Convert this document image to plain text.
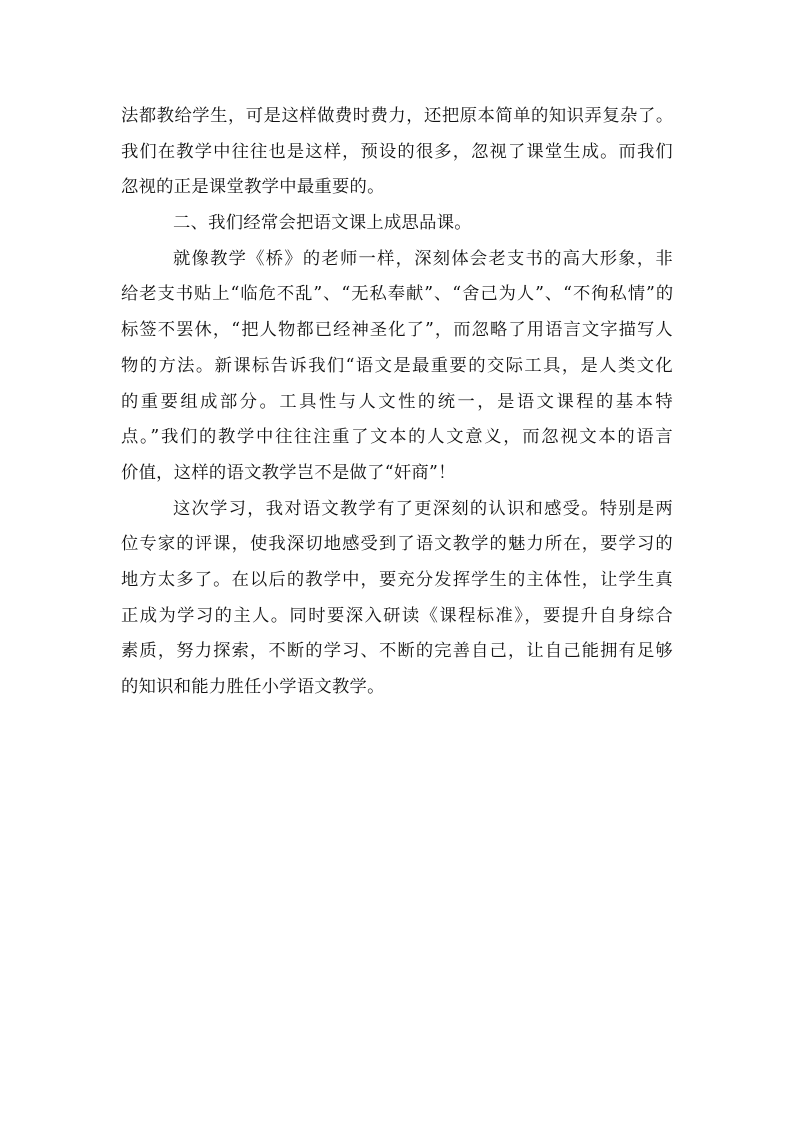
法都教给学生，可是这样做费时费力，还把原本简单的知识弄复杂了。
我们在教学中往往也是这样，预设的很多，忽视了课堂生成。而我们
忽视的正是课堂教学中最重要的。
二、我们经常会把语文课上成思品课。
就像教学《桥》的老师一样，深刻体会老支书的高大形象，非
给老支书贴上“临危不乱”、“无私奉献”、“舍己为人”、“不徇私情”的
标签不罢休，“把人物都已经神圣化了”，而忽略了用语言文字描写人
物的方法。新课标告诉我们“语文是最重要的交际工具，是人类文化
的重要组成部分。工具性与人文性的统一，是语文课程的基本特
点。”我们的教学中往往注重了文本的人文意义，而忽视文本的语言
价值，这样的语文教学岂不是做了“奸商”！
这次学习，我对语文教学有了更深刻的认识和感受。特别是两
位专家的评课，使我深切地感受到了语文教学的魅力所在，要学习的
地方太多了。在以后的教学中，要充分发挥学生的主体性，让学生真
正成为学习的主人。同时要深入研读《课程标准》，要提升自身综合
素质，努力探索，不断的学习、不断的完善自己，让自己能拥有足够
的知识和能力胜任小学语文教学。
